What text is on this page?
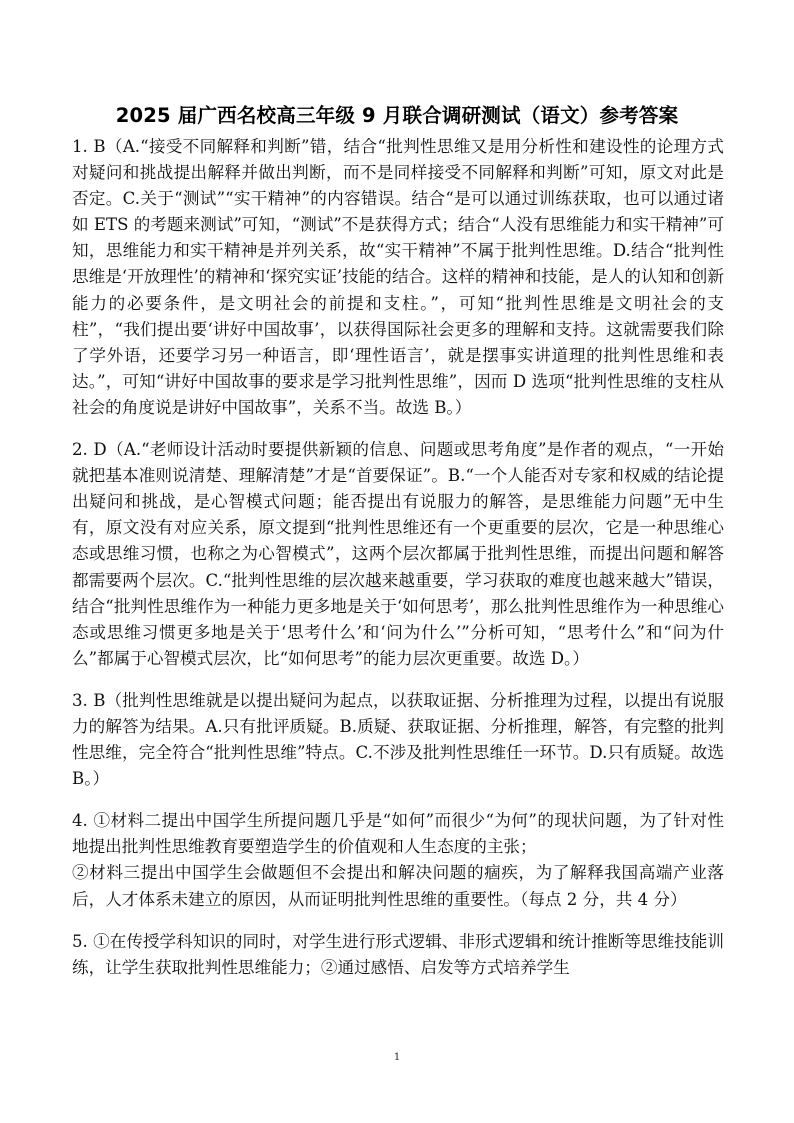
2025 届广西名校高三年级 9 月联合调研测试（语文）参考答案

1. B（A.“接受不同解释和判断”错，结合“批判性思维又是用分析性和建设性的论理方式对疑问和挑战提出解释并做出判断，而不是同样接受不同解释和判断”可知，原文对此是否定。C.关于“测试”“实干精神”的内容错误。结合“是可以通过训练获取，也可以通过诸如 ETS 的考题来测试”可知，“测试”不是获得方式；结合“人没有思维能力和实干精神”可知，思维能力和实干精神是并列关系，故“实干精神”不属于批判性思维。D.结合“批判性思维是‘开放理性’的精神和‘探究实证’技能的结合。这样的精神和技能，是人的认知和创新能力的必要条件，是文明社会的前提和支柱。”，可知“批判性思维是文明社会的支柱”，“我们提出要‘讲好中国故事’，以获得国际社会更多的理解和支持。这就需要我们除了学外语，还要学习另一种语言，即‘理性语言’，就是摆事实讲道理的批判性思维和表达。”，可知“讲好中国故事的要求是学习批判性思维”，因而 D 选项“批判性思维的支柱从社会的角度说是讲好中国故事”，关系不当。故选 B。）

2. D（A.“老师设计活动时要提供新颖的信息、问题或思考角度”是作者的观点，“一开始就把基本准则说清楚、理解清楚”才是“首要保证”。B.“一个人能否对专家和权威的结论提出疑问和挑战，是心智模式问题；能否提出有说服力的解答，是思维能力问题”无中生有，原文没有对应关系，原文提到“批判性思维还有一个更重要的层次，它是一种思维心态或思维习惯，也称之为心智模式”，这两个层次都属于批判性思维，而提出问题和解答都需要两个层次。C.“批判性思维的层次越来越重要，学习获取的难度也越来越大”错误，结合“批判性思维作为一种能力更多地是关于‘如何思考’，那么批判性思维作为一种思维心态或思维习惯更多地是关于‘思考什么’和‘问为什么’”分析可知，“思考什么”和“问为什么”都属于心智模式层次，比“如何思考”的能力层次更重要。故选 D。）

3. B（批判性思维就是以提出疑问为起点，以获取证据、分析推理为过程，以提出有说服力的解答为结果。A.只有批评质疑。B.质疑、获取证据、分析推理，解答，有完整的批判性思维，完全符合“批判性思维”特点。C.不涉及批判性思维任一环节。D.只有质疑。故选 B。）

4. ①材料二提出中国学生所提问题几乎是“如何”而很少“为何”的现状问题，为了针对性地提出批判性思维教育要塑造学生的价值观和人生态度的主张；
②材料三提出中国学生会做题但不会提出和解决问题的痼疾，为了解释我国高端产业落后，人才体系未建立的原因，从而证明批判性思维的重要性。（每点 2 分，共 4 分）

5. ①在传授学科知识的同时，对学生进行形式逻辑、非形式逻辑和统计推断等思维技能训练，让学生获取批判性思维能力；②通过感悟、启发等方式培养学生

1
